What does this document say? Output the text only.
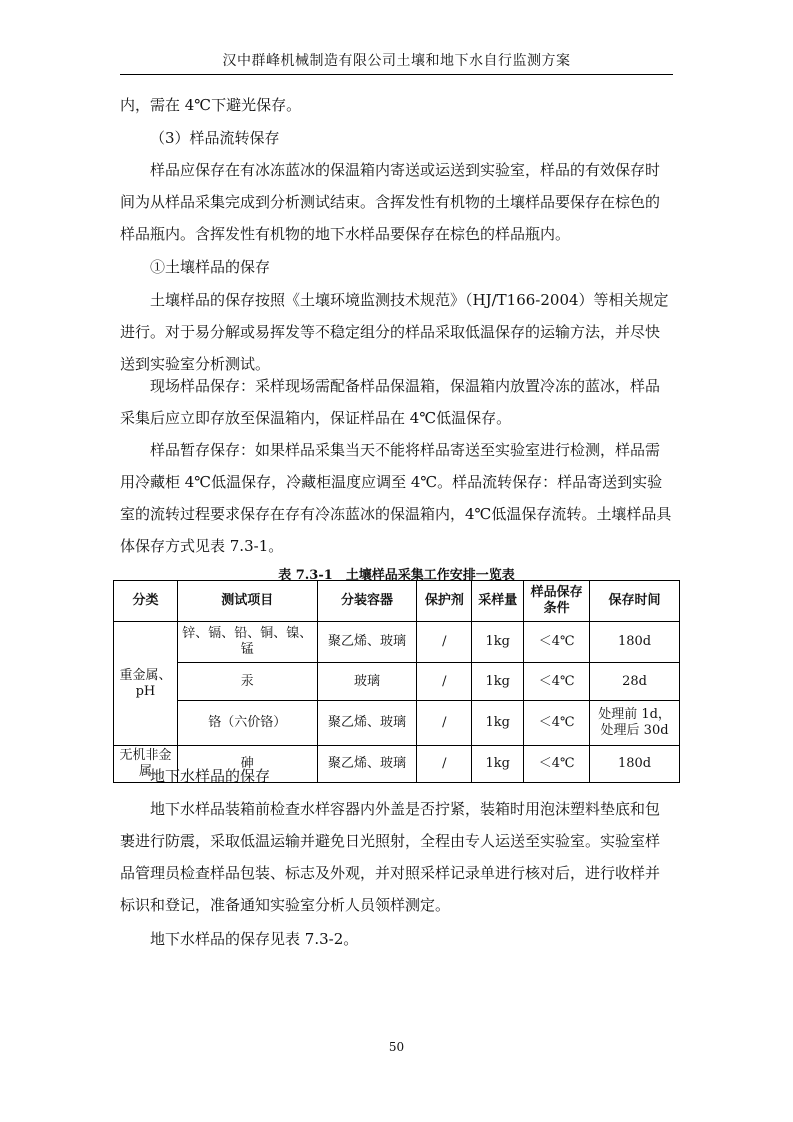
汉中群峰机械制造有限公司土壤和地下水自行监测方案
内，需在 4℃下避光保存。
（3）样品流转保存
样品应保存在有冰冻蓝冰的保温箱内寄送或运送到实验室，样品的有效保存时间为从样品采集完成到分析测试结束。含挥发性有机物的土壤样品要保存在棕色的样品瓶内。含挥发性有机物的地下水样品要保存在棕色的样品瓶内。
①土壤样品的保存
土壤样品的保存按照《土壤环境监测技术规范》（HJ/T166-2004）等相关规定进行。对于易分解或易挥发等不稳定组分的样品采取低温保存的运输方法，并尽快送到实验室分析测试。
现场样品保存：采样现场需配备样品保温箱，保温箱内放置冷冻的蓝冰，样品采集后应立即存放至保温箱内，保证样品在 4℃低温保存。
样品暂存保存：如果样品采集当天不能将样品寄送至实验室进行检测，样品需用冷藏柜 4℃低温保存，冷藏柜温度应调至 4℃。样品流转保存：样品寄送到实验室的流转过程要求保存在存有冷冻蓝冰的保温箱内，4℃低温保存流转。土壤样品具体保存方式见表 7.3-1。
表 7.3-1　土壤样品采集工作安排一览表
分类	测试项目	分装容器	保护剂	采样量	样品保存条件	保存时间
重金属、pH	锌、镉、铅、铜、镍、锰	聚乙烯、玻璃	/	1kg	＜4℃	180d
	汞	玻璃	/	1kg	＜4℃	28d
	铬（六价铬）	聚乙烯、玻璃	/	1kg	＜4℃	处理前 1d，处理后 30d
无机非金属	砷	聚乙烯、玻璃	/	1kg	＜4℃	180d
地下水样品的保存
地下水样品装箱前检查水样容器内外盖是否拧紧，装箱时用泡沫塑料垫底和包裹进行防震，采取低温运输并避免日光照射，全程由专人运送至实验室。实验室样品管理员检查样品包装、标志及外观，并对照采样记录单进行核对后，进行收样并标识和登记，准备通知实验室分析人员领样测定。
地下水样品的保存见表 7.3-2。
50
